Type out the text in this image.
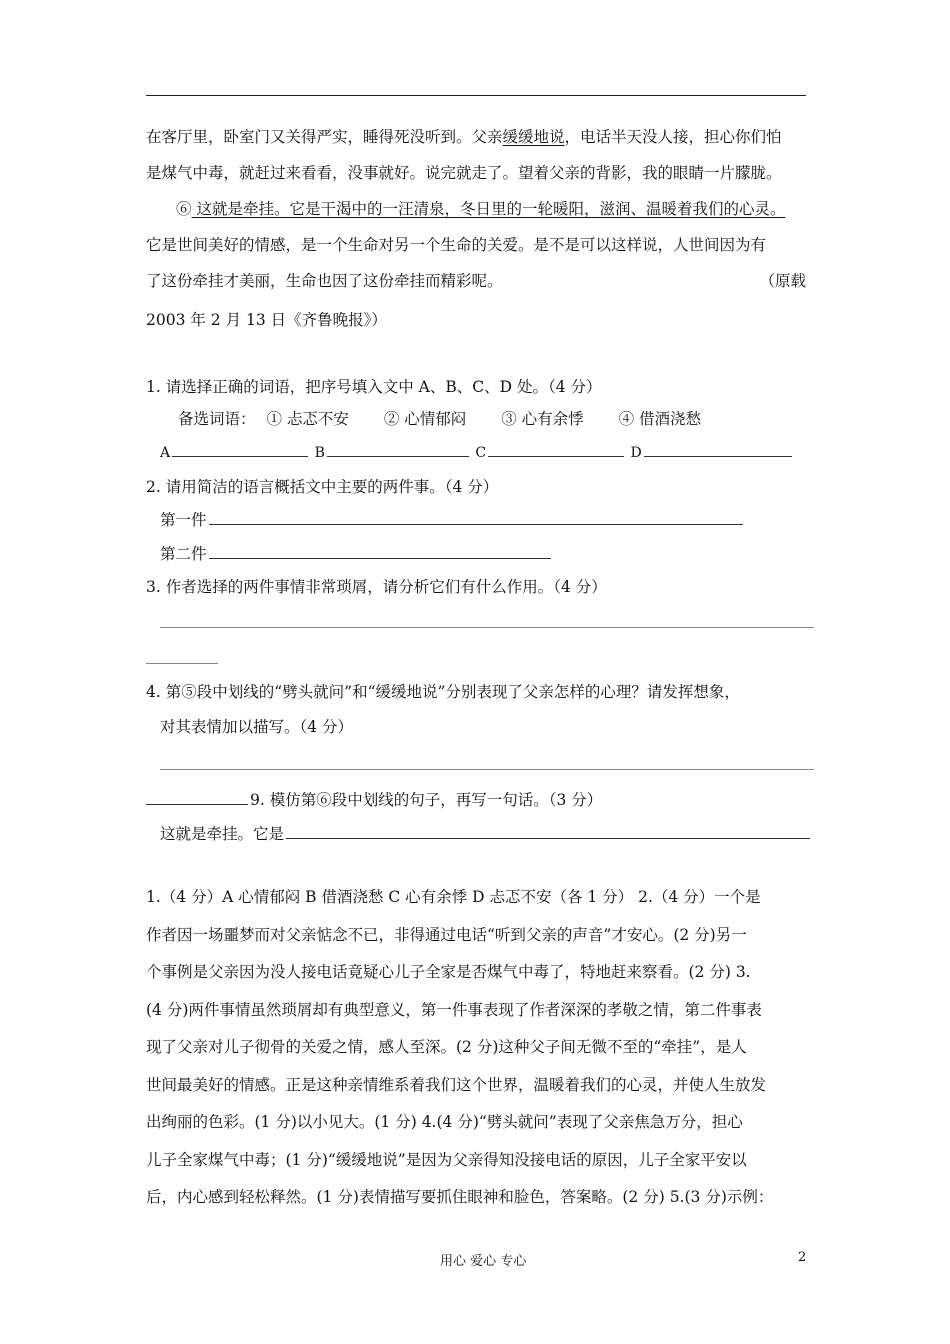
在客厅里，卧室门又关得严实，睡得死没听到。父亲缓缓地说，电话半天没人接，担心你们怕
是煤气中毒，就赶过来看看，没事就好。说完就走了。望着父亲的背影，我的眼睛一片朦胧。
⑥ 这就是牵挂。它是干渴中的一汪清泉，冬日里的一轮暖阳，滋润、温暖着我们的心灵。
它是世间美好的情感，是一个生命对另一个生命的关爱。是不是可以这样说，人世间因为有
了这份牵挂才美丽，生命也因了这份牵挂而精彩呢。	（原载
2003 年 2 月 13 日《齐鲁晚报》）
1. 请选择正确的词语，把序号填入文中 A、B、C、D 处。（4 分）
备选词语： ① 忐忑不安 ② 心情郁闷 ③ 心有余悸 ④ 借酒浇愁
A	B	C	D
2. 请用简洁的语言概括文中主要的两件事。（4 分）
第一件
第二件
3. 作者选择的两件事情非常琐屑，请分析它们有什么作用。（4 分）
4. 第⑤段中划线的“劈头就问”和“缓缓地说”分别表现了父亲怎样的心理？请发挥想象，
对其表情加以描写。（4 分）
9. 模仿第⑥段中划线的句子，再写一句话。（3 分）
这就是牵挂。它是
1.（4 分）A 心情郁闷 B 借酒浇愁 C 心有余悸 D 忐忑不安（各 1 分） 2.（4 分）一个是
作者因一场噩梦而对父亲惦念不已，非得通过电话“听到父亲的声音”才安心。(2 分)另一
个事例是父亲因为没人接电话竟疑心儿子全家是否煤气中毒了，特地赶来察看。(2 分) 3.
(4 分)两件事情虽然琐屑却有典型意义，第一件事表现了作者深深的孝敬之情，第二件事表
现了父亲对儿子彻骨的关爱之情，感人至深。(2 分)这种父子间无微不至的“牵挂”，是人
世间最美好的情感。正是这种亲情维系着我们这个世界，温暖着我们的心灵，并使人生放发
出绚丽的色彩。(1 分)以小见大。(1 分) 4.(4 分)“劈头就问”表现了父亲焦急万分，担心
儿子全家煤气中毒；(1 分)“缓缓地说”是因为父亲得知没接电话的原因，儿子全家平安以
后，内心感到轻松释然。(1 分)表情描写要抓住眼神和脸色，答案略。(2 分) 5.(3 分)示例：
用心 爱心 专心	2
